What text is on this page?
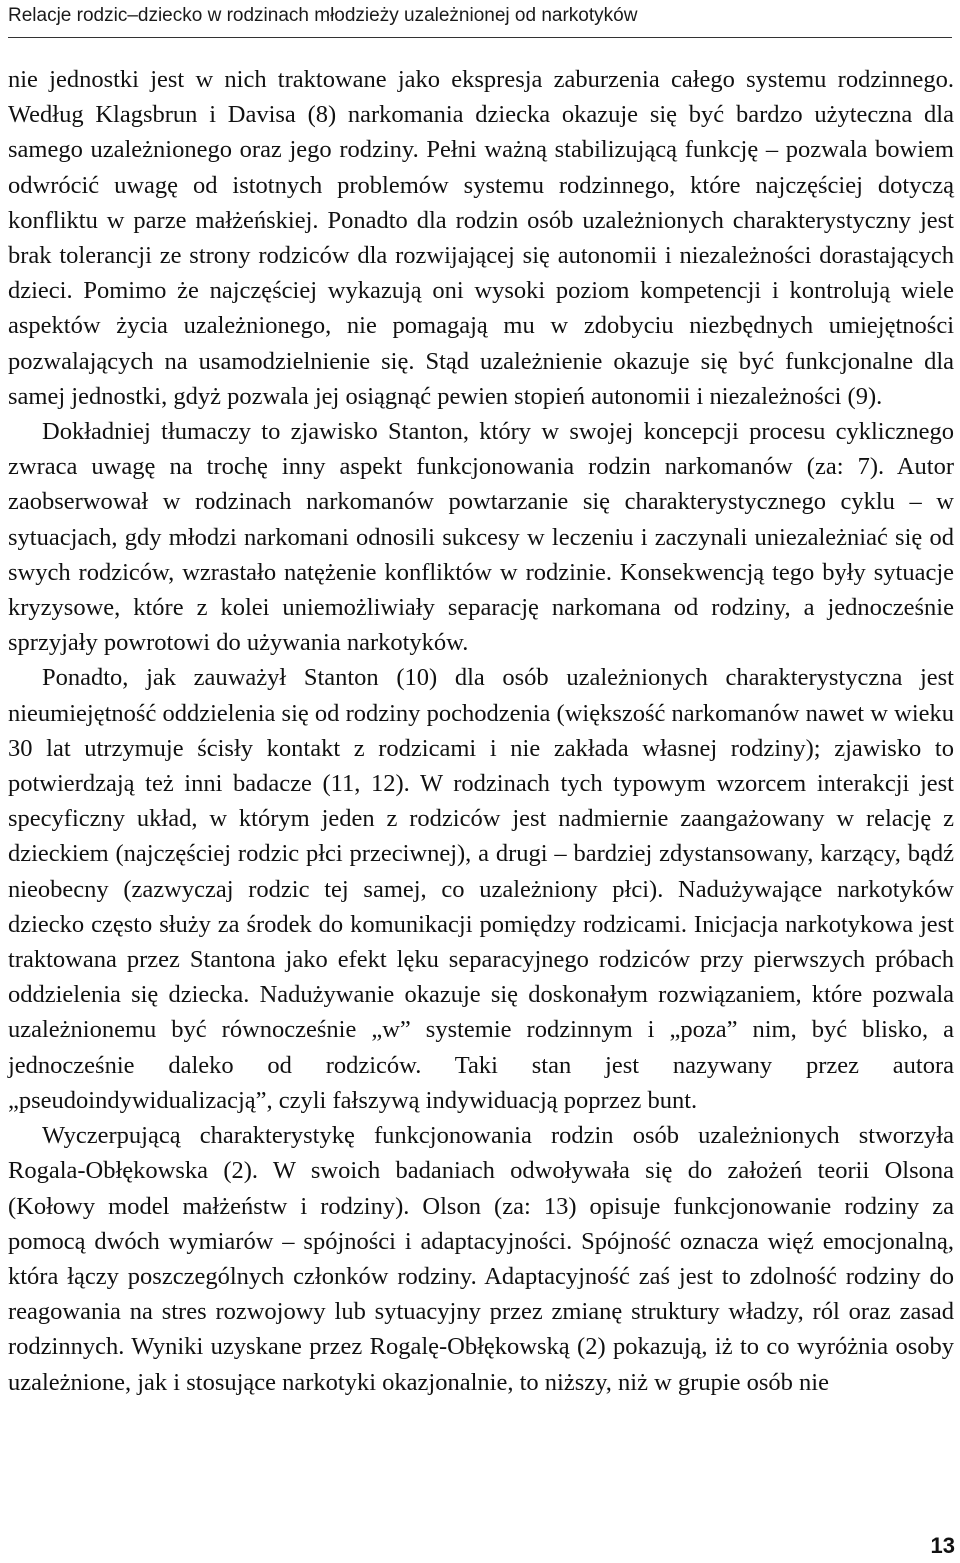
Relacje rodzic–dziecko w rodzinach młodzieży uzależnionej od narkotyków

nie jednostki jest w nich traktowane jako ekspresja zaburzenia całego systemu rodzinnego. Według Klagsbrun i Davisa (8) narkomania dziecka okazuje się być bardzo użyteczna dla samego uzależnionego oraz jego rodziny. Pełni ważną stabilizującą funkcję – pozwala bowiem odwrócić uwagę od istotnych problemów systemu rodzinnego, które najczęściej dotyczą konfliktu w parze małżeńskiej. Ponadto dla rodzin osób uzależnionych charakterystyczny jest brak tolerancji ze strony rodziców dla rozwijającej się autonomii i niezależności dorastających dzieci. Pomimo że najczęściej wykazują oni wysoki poziom kompetencji i kontrolują wiele aspektów życia uzależnionego, nie pomagają mu w zdobyciu niezbędnych umiejętności pozwalających na usamodzielnienie się. Stąd uzależnienie okazuje się być funkcjonalne dla samej jednostki, gdyż pozwala jej osiągnąć pewien stopień autonomii i niezależności (9).

Dokładniej tłumaczy to zjawisko Stanton, który w swojej koncepcji procesu cyklicznego zwraca uwagę na trochę inny aspekt funkcjonowania rodzin narkomanów (za: 7). Autor zaobserwował w rodzinach narkomanów powtarzanie się charakterystycznego cyklu – w sytuacjach, gdy młodzi narkomani odnosili sukcesy w leczeniu i zaczynali uniezależniać się od swych rodziców, wzrastało natężenie konfliktów w rodzinie. Konsekwencją tego były sytuacje kryzysowe, które z kolei uniemożliwiały separację narkomana od rodziny, a jednocześnie sprzyjały powrotowi do używania narkotyków.

Ponadto, jak zauważył Stanton (10) dla osób uzależnionych charakterystyczna jest nieumiejętność oddzielenia się od rodziny pochodzenia (większość narkomanów nawet w wieku 30 lat utrzymuje ścisły kontakt z rodzicami i nie zakłada własnej rodziny); zjawisko to potwierdzają też inni badacze (11, 12). W rodzinach tych typowym wzorcem interakcji jest specyficzny układ, w którym jeden z rodziców jest nadmiernie zaangażowany w relację z dzieckiem (najczęściej rodzic płci przeciwnej), a drugi – bardziej zdystansowany, karzący, bądź nieobecny (zazwyczaj rodzic tej samej, co uzależniony płci). Nadużywające narkotyków dziecko często służy za środek do komunikacji pomiędzy rodzicami. Inicjacja narkotykowa jest traktowana przez Stantona jako efekt lęku separacyjnego rodziców przy pierwszych próbach oddzielenia się dziecka. Nadużywanie okazuje się doskonałym rozwiązaniem, które pozwala uzależnionemu być równocześnie „w” systemie rodzinnym i „poza” nim, być blisko, a jednocześnie daleko od rodziców. Taki stan jest nazywany przez autora „pseudoindywidualizacją”, czyli fałszywą indywiduacją poprzez bunt.

Wyczerpującą charakterystykę funkcjonowania rodzin osób uzależnionych stworzyła Rogala-Obłękowska (2). W swoich badaniach odwoływała się do założeń teorii Olsona (Kołowy model małżeństw i rodziny). Olson (za: 13) opisuje funkcjonowanie rodziny za pomocą dwóch wymiarów – spójności i adaptacyjności. Spójność oznacza więź emocjonalną, która łączy poszczególnych członków rodziny. Adaptacyjność zaś jest to zdolność rodziny do reagowania na stres rozwojowy lub sytuacyjny przez zmianę struktury władzy, ról oraz zasad rodzinnych. Wyniki uzyskane przez Rogalę-Obłękowską (2) pokazują, iż to co wyróżnia osoby uzależnione, jak i stosujące narkotyki okazjonalnie, to niższy, niż w grupie osób nie

13
